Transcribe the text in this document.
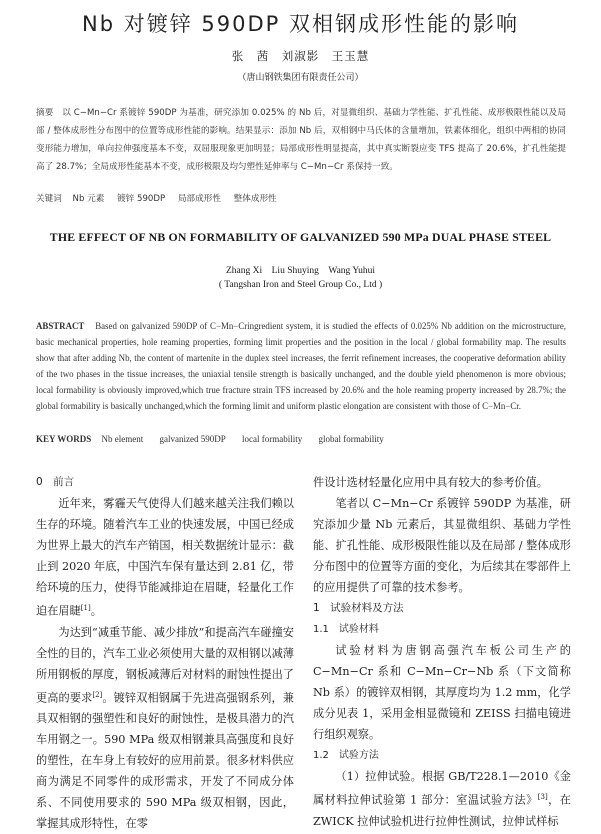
Nb 对镀锌 590DP 双相钢成形性能的影响
张　茜　刘淑影　王玉慧
（唐山钢铁集团有限责任公司）
摘要 以 C−Mn−Cr 系镀锌 590DP 为基准，研究添加 0.025% 的 Nb 后，对显微组织、基础力学性能、扩孔性能、成形极限性能以及局部 / 整体成形性分布图中的位置等成形性能的影响。结果显示：添加 Nb 后，双相钢中马氏体的含量增加，铁素体细化，组织中两相的协同变形能力增加，单向拉伸强度基本不变，双屈服现象更加明显；局部成形性明显提高，其中真实断裂应变 TFS 提高了 20.6%，扩孔性能提高了 28.7%；全局成形性能基本不变，成形极限及均匀塑性延伸率与 C−Mn−Cr 系保持一致。
关键词 Nb 元素 镀锌 590DP 局部成形性 整体成形性
THE EFFECT OF NB ON FORMABILITY OF GALVANIZED 590 MPa DUAL PHASE STEEL
Zhang Xi　Liu Shuying　Wang Yuhui
( Tangshan Iron and Steel Group Co., Ltd )
ABSTRACT Based on galvanized 590DP of C−Mn−Cringredient system, it is studied the effects of 0.025% Nb addition on the microstructure, basic mechanical properties, hole reaming properties, forming limit properties and the position in the local / global formability map. The results show that after adding Nb, the content of martenite in the duplex steel increases, the ferrit refinement increases, the cooperative deformation ability of the two phases in the tissue increases, the uniaxial tensile strength is basically unchanged, and the double yield phenomenon is more obvious; local formability is obviously improved,which true fracture strain TFS increased by 20.6% and the hole reaming property increased by 28.7%; the global formability is basically unchanged,which the forming limit and uniform plastic elongation are consistent with those of C−Mn−Cr.
KEY WORDS Nb element galvanized 590DP local formability global formability

0　前言

近年来，雾霾天气使得人们越来越关注我们赖以生存的环境。随着汽车工业的快速发展，中国已经成为世界上最大的汽车产销国，相关数据统计显示：截止到 2020 年底，中国汽车保有量达到 2.81 亿，带给环境的压力，使得节能减排迫在眉睫，轻量化工作迫在眉睫[1]。

为达到“减重节能、减少排放”和提高汽车碰撞安全性的目的，汽车工业必须使用大量的双相钢以减薄所用钢板的厚度，钢板减薄后对材料的耐蚀性提出了更高的要求[2]。镀锌双相钢属于先进高强钢系列，兼具双相钢的强塑性和良好的耐蚀性，是极具潜力的汽车用钢之一。590 MPa 级双相钢兼具高强度和良好的塑性，在车身上有较好的应用前景。很多材料供应商为满足不同零件的成形需求，开发了不同成分体系、不同使用要求的 590 MPa 级双相钢，因此，掌握其成形特性，在零

件设计选材轻量化应用中具有较大的参考价值。

笔者以 C−Mn−Cr 系镀锌 590DP 为基准，研究添加少量 Nb 元素后，其显微组织、基础力学性能、扩孔性能、成形极限性能以及在局部 / 整体成形分布图中的位置等方面的变化，为后续其在零部件上的应用提供了可靠的技术参考。

1　试验材料及方法

1.1　试验材料

试验材料为唐钢高强汽车板公司生产的 C−Mn−Cr 系和 C−Mn−Cr−Nb 系（下文简称 Nb 系）的镀锌双相钢，其厚度均为 1.2 mm，化学成分见表 1，采用金相显微镜和 ZEISS 扫描电镜进行组织观察。

1.2　试验方法

（1）拉伸试验。根据 GB/T228.1—2010《金属材料拉伸试验第 1 部分：室温试验方法》[3]，在 ZWICK 拉伸试验机进行拉伸性测试，拉伸试样标
